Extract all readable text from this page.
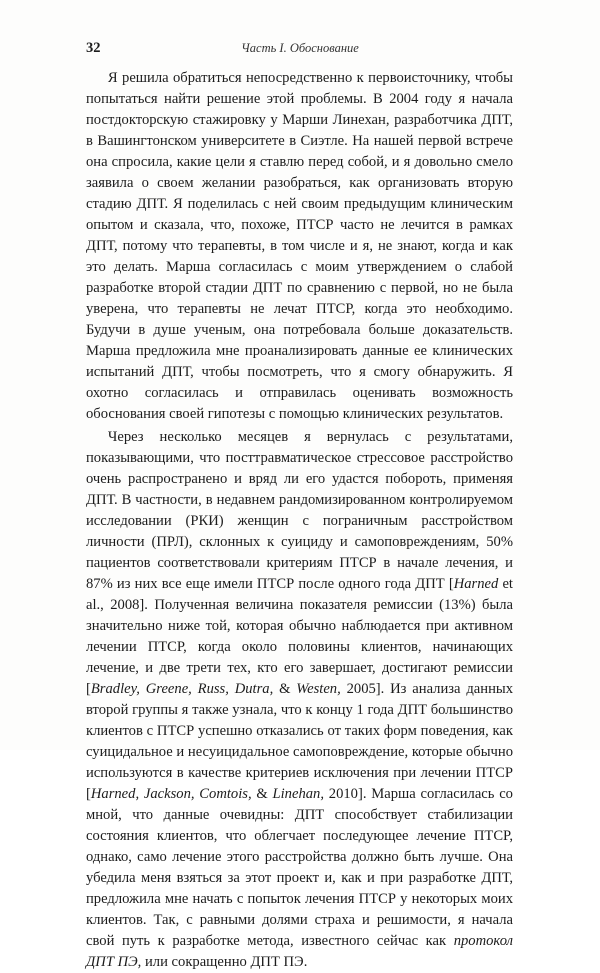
32	Часть I. Обоснование

Я решила обратиться непосредственно к первоисточнику, чтобы попытаться найти решение этой проблемы. В 2004 году я начала постдокторскую стажировку у Марши Линехан, разработчика ДПТ, в Вашингтонском университете в Сиэтле. На нашей первой встрече она спросила, какие цели я ставлю перед собой, и я довольно смело заявила о своем желании разобраться, как организовать вторую стадию ДПТ. Я поделилась с ней своим предыдущим клиническим опытом и сказала, что, похоже, ПТСР часто не лечится в рамках ДПТ, потому что терапевты, в том числе и я, не знают, когда и как это делать. Марша согласилась с моим утверждением о слабой разработке второй стадии ДПТ по сравнению с первой, но не была уверена, что терапевты не лечат ПТСР, когда это необходимо. Будучи в душе ученым, она потребовала больше доказательств. Марша предложила мне проанализировать данные ее клинических испытаний ДПТ, чтобы посмотреть, что я смогу обнаружить. Я охотно согласилась и отправилась оценивать возможность обоснования своей гипотезы с помощью клинических результатов.

Через несколько месяцев я вернулась с результатами, показывающими, что посттравматическое стрессовое расстройство очень распространено и вряд ли его удастся побороть, применяя ДПТ. В частности, в недавнем рандомизированном контролируемом исследовании (РКИ) женщин с пограничным расстройством личности (ПРЛ), склонных к суициду и самоповреждениям, 50% пациентов соответствовали критериям ПТСР в начале лечения, и 87% из них все еще имели ПТСР после одного года ДПТ [Harned et al., 2008]. Полученная величина показателя ремиссии (13%) была значительно ниже той, которая обычно наблюдается при активном лечении ПТСР, когда около половины клиентов, начинающих лечение, и две трети тех, кто его завершает, достигают ремиссии [Bradley, Greene, Russ, Dutra, & Westen, 2005]. Из анализа данных второй группы я также узнала, что к концу 1 года ДПТ большинство клиентов с ПТСР успешно отказались от таких форм поведения, как суицидальное и несуицидальное самоповреждение, которые обычно используются в качестве критериев исключения при лечении ПТСР [Harned, Jackson, Comtois, & Linehan, 2010]. Марша согласилась со мной, что данные очевидны: ДПТ способствует стабилизации состояния клиентов, что облегчает последующее лечение ПТСР, однако, само лечение этого расстройства должно быть лучше. Она убедила меня взяться за этот проект и, как и при разработке ДПТ, предложила мне начать с попыток лечения ПТСР у некоторых моих клиентов. Так, с равными долями страха и решимости, я начала свой путь к разработке метода, известного сейчас как протокол ДПТ ПЭ, или сокращенно ДПТ ПЭ.
